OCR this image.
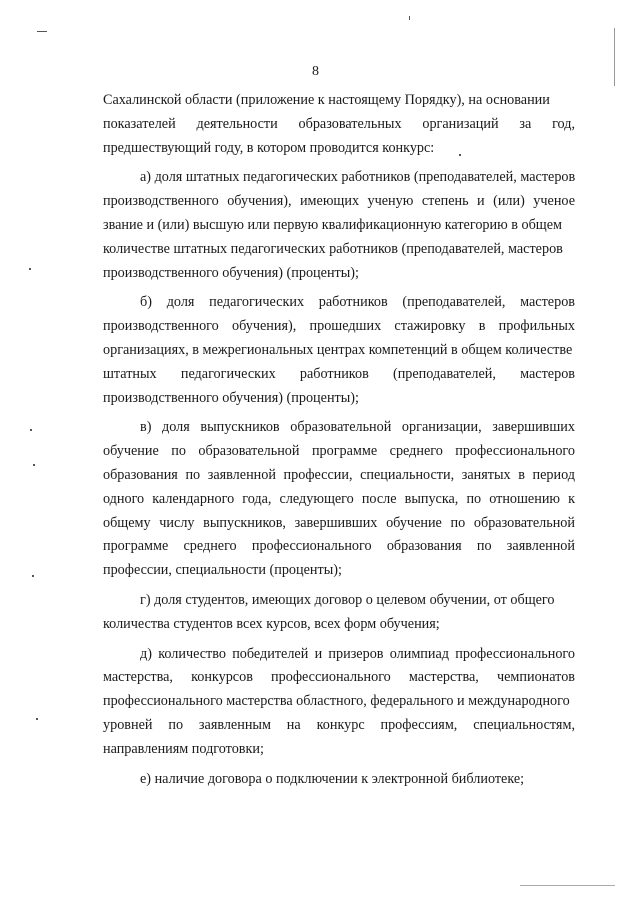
8
Сахалинской области (приложение к настоящему Порядку), на основании
показателей деятельности образовательных организаций за год,
предшествующий году, в котором проводится конкурс:
а) доля штатных педагогических работников (преподавателей, мастеров
производственного обучения), имеющих ученую степень и (или) ученое
звание и (или) высшую или первую квалификационную категорию в общем
количестве штатных педагогических работников (преподавателей, мастеров
производственного обучения) (проценты);
б) доля педагогических работников (преподавателей, мастеров
производственного обучения), прошедших стажировку в профильных
организациях, в межрегиональных центрах компетенций в общем количестве
штатных педагогических работников (преподавателей, мастеров
производственного обучения) (проценты);
в) доля выпускников образовательной организации, завершивших
обучение по образовательной программе среднего профессионального
образования по заявленной профессии, специальности, занятых в период
одного календарного года, следующего после выпуска, по отношению к
общему числу выпускников, завершивших обучение по образовательной
программе среднего профессионального образования по заявленной
профессии, специальности (проценты);
г) доля студентов, имеющих договор о целевом обучении, от общего
количества студентов всех курсов, всех форм обучения;
д) количество победителей и призеров олимпиад профессионального
мастерства, конкурсов профессионального мастерства, чемпионатов
профессионального мастерства областного, федерального и международного
уровней по заявленным на конкурс профессиям, специальностям,
направлениям подготовки;
е) наличие договора о подключении к электронной библиотеке;
